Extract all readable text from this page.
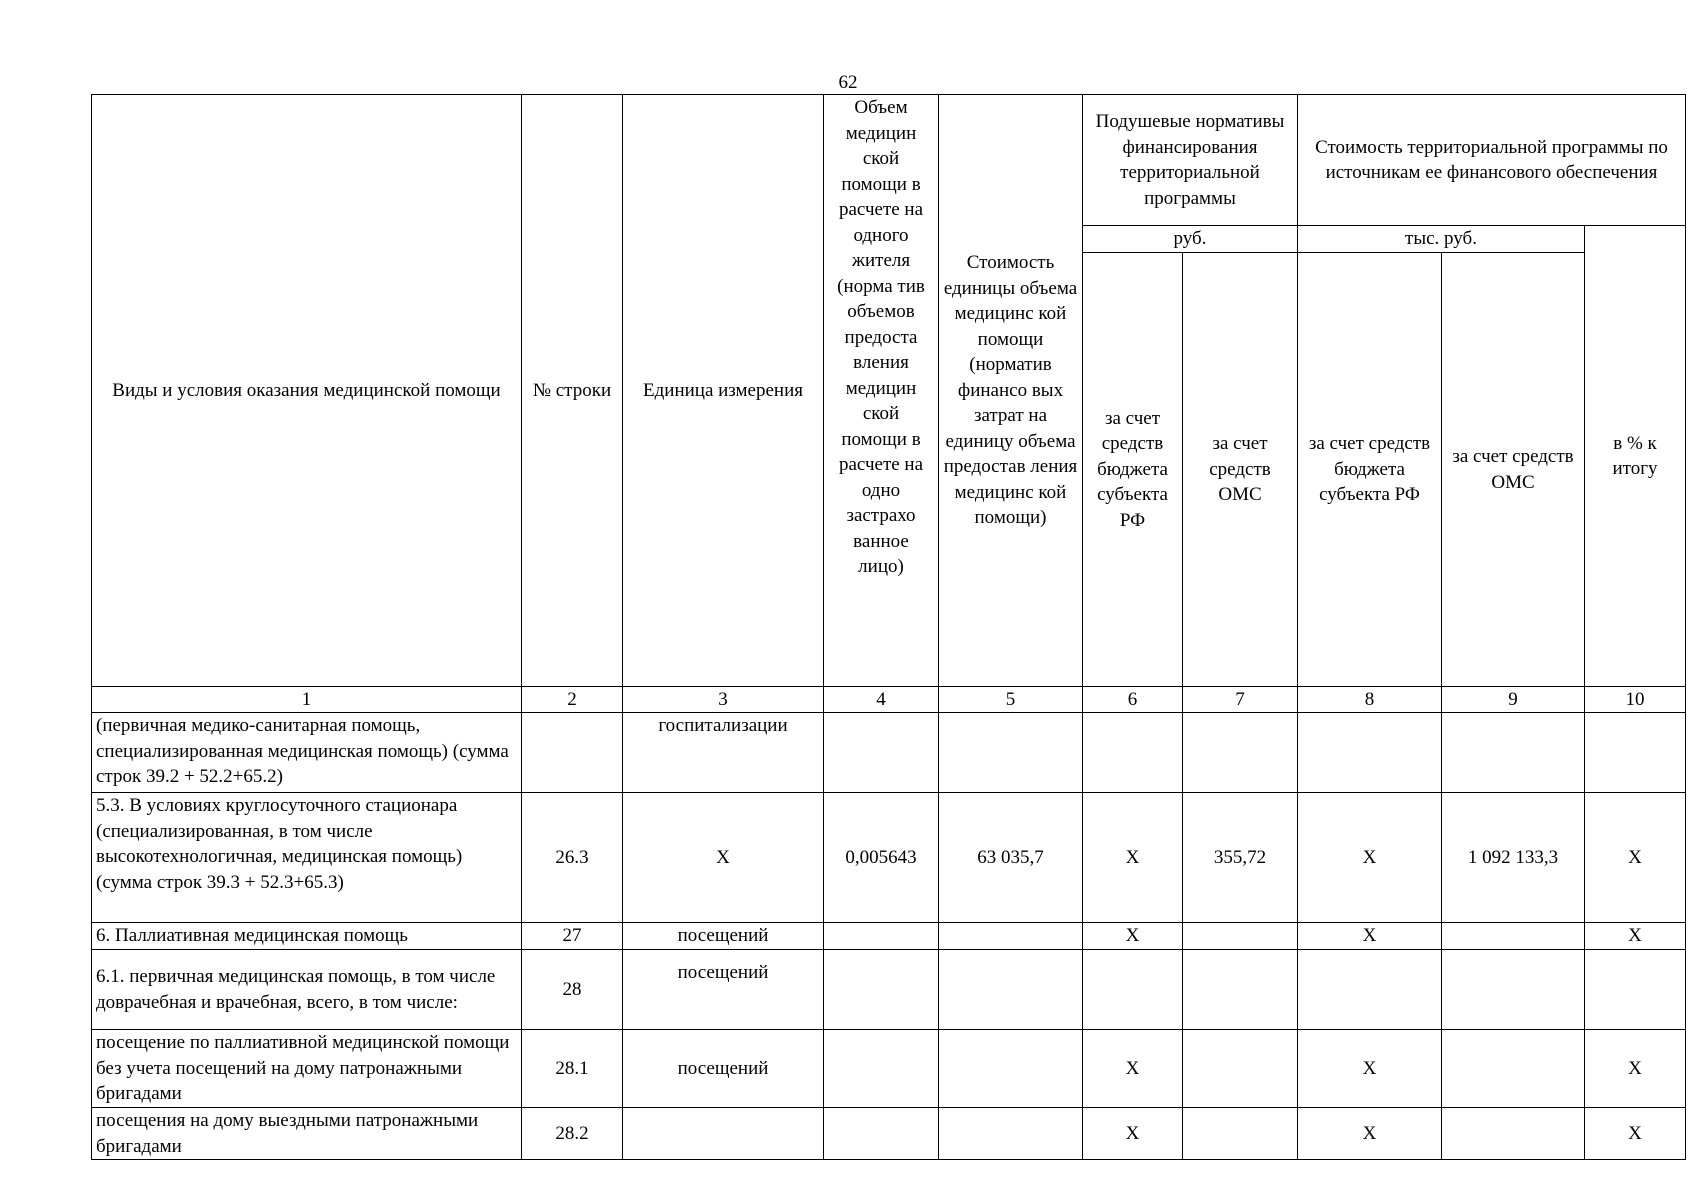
62
Виды и условия оказания медицинской помощи	№ строки	Единица измерения	Объем медицин ской помощи в расчете на одного жителя (норма тив объемов предоста вления медицин ской помощи в расчете на одно застрахо ванное лицо)	Стоимость единицы объема медицинс кой помощи (норматив финансо вых затрат на единицу объема предостав ления медицинс кой помощи)	Подушевые нормативы финансирования территориальной программы		Стоимость территориальной программы по источникам ее финансового обеспечения		
					руб.		тыс. руб.		в % к итогу
					за счет средств бюджета субъекта РФ	за счет средств ОМС	за счет средств бюджета субъекта РФ	за счет средств ОМС	
1	2	3	4	5	6	7	8	9	10
(первичная медико-санитарная помощь, специализированная медицинская помощь) (сумма строк 39.2 + 52.2+65.2)		госпитализации							
5.3. В условиях круглосуточного стационара (специализированная, в том числе высокотехнологичная, медицинская помощь) (сумма строк 39.3 + 52.3+65.3)	26.3	Х	0,005643	63 035,7	Х	355,72	Х	1 092 133,3	Х
6. Паллиативная медицинская помощь	27	посещений			Х		Х		Х
6.1. первичная медицинская помощь, в том числе доврачебная и врачебная, всего, в том числе:	28	посещений							
посещение по паллиативной медицинской помощи без учета посещений на дому патронажными бригадами	28.1	посещений			Х		Х		Х
посещения на дому выездными патронажными бригадами	28.2				Х		Х		Х
